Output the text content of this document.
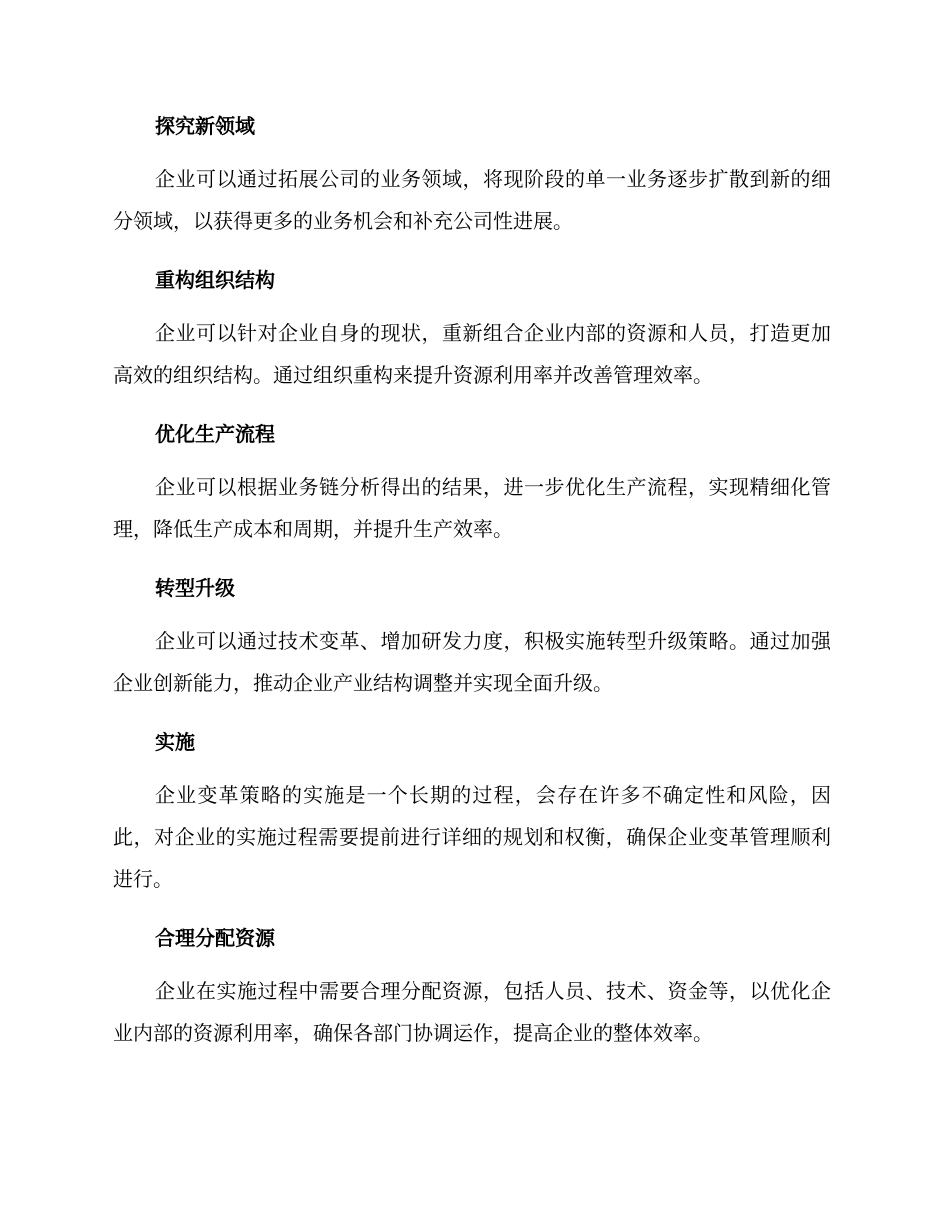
探究新领域

企业可以通过拓展公司的业务领域，将现阶段的单一业务逐步扩散到新的细分领域，以获得更多的业务机会和补充公司性进展。

重构组织结构

企业可以针对企业自身的现状，重新组合企业内部的资源和人员，打造更加高效的组织结构。通过组织重构来提升资源利用率并改善管理效率。

优化生产流程

企业可以根据业务链分析得出的结果，进一步优化生产流程，实现精细化管理，降低生产成本和周期，并提升生产效率。

转型升级

企业可以通过技术变革、增加研发力度，积极实施转型升级策略。通过加强企业创新能力，推动企业产业结构调整并实现全面升级。

实施

企业变革策略的实施是一个长期的过程，会存在许多不确定性和风险，因此，对企业的实施过程需要提前进行详细的规划和权衡，确保企业变革管理顺利进行。

合理分配资源

企业在实施过程中需要合理分配资源，包括人员、技术、资金等，以优化企业内部的资源利用率，确保各部门协调运作，提高企业的整体效率。
